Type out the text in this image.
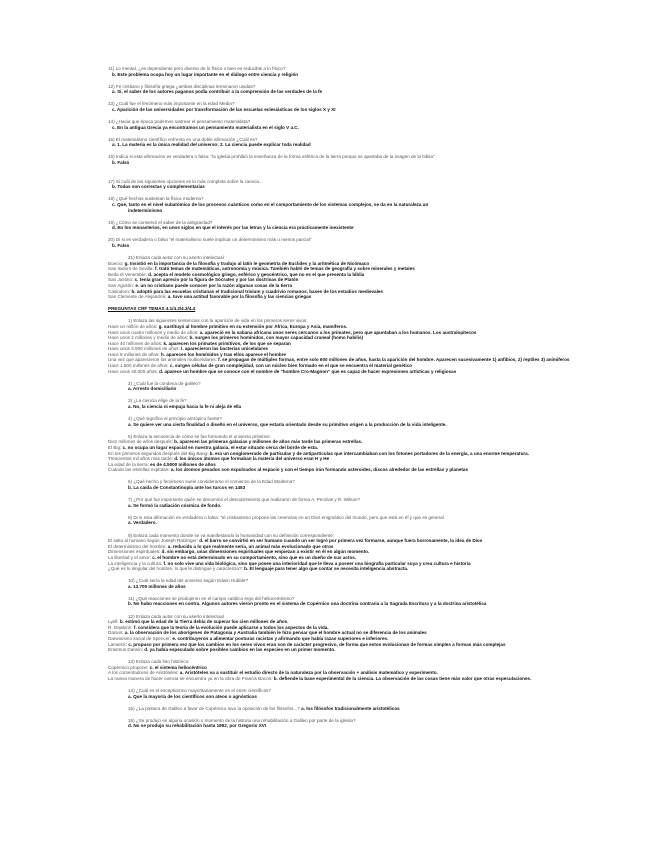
11) Lo mental, ¿es dependiente pero diverso de lo físico o bien es reducible a lo físico?
b. Este problema ocupa hoy un lugar importante en el diálogo entre ciencia y religión
12) Fe cristiano y filosofía griega ¿ambas disciplinas terminaron unidas?
a. Sí, el saber de los autores paganos podía contribuir a la comprensión de las verdades de la fe
13) ¿Cuál fue el fenómeno más importante en la edad Media?
c. Aparición de las universidades por transformación de las escuelas eclesiásticas de los siglos X y XI
14) ¿Hacia que época podemos rastrear el pensamiento materialista?
c. En la antigua Grecia ya encontramos un pensamiento materialista en el siglo V a.C.
15) El materialismo científico enfrenta en una doble afirmación ¿Cuál es?
a. 1. La materia es la única realidad del universo; 2. La ciencia puede explicar toda realidad
16) Indica si esta afirmación es verdadera o falsa: "la iglesia prohibió la enseñanza de la forma esférica de la tierra porque se apartaba de la imagen de la biblia"
b. Falso
17) Si cuál de las siguientes opciones es la más completa sobre la ciencia...
b. Todas son correctas y complementarias
18) ¿Qué hechos sustentan la física moderna?
c. Que, tanto en el nivel subatómico de los procesos cuánticos como en el comportamiento de los sistemas complejos, se da en la naturaleza un
indeterminismo
19) ¿Cómo se conservó el saber de la antigüedad?
d. En los monasterios, en unos siglos en que el interés por las letras y la ciencia era prácticamente inexistente
20) Di si es verdadera o falsa "el materialismo suele implicar un determinismo más o menos parcial"
b. Falso
21) Enlaza cada autor con su aserto intelectual
Boecio: g. Insistió en la importancia de la filosofía y tradujo al latín le geometría de Euclides y la aritmética de Nicómaco
San Isidoro de Sevilla: f. trató temas de matemáticas, astronomía y música. También habló de temas de geografía y sobre minerales y metales
Beda el Venerable: d. acepta el modelo cosmológico griego, esférico y geocéntrico, que no es el que presenta la biblia
San Justino: c. tenía gran aprecio por la figura de Sócrates y por las doctrinas de Platón
San Agustín: e. un no cristiano puede conocer por la razón algunas cosas de la tierra
Casiodoro: b. adoptó para las escuelas cristianas el tradicional trivium y cuadrivio romanos, bases de los estudios medievales
San Clemente de Alejandría: a. tuvo una actitud favorable por la filosofía y las ciencias griegas
PREGUNTAS CRF TEMAS 4.1/4.2/4.3/4.4
1) Enlaza las siguientes sentencias con la aparición de vida en los primeros seres vivos:
Hace un millón de años: g. sustituyó al hombre primitivo en su extensión por África, Europa y Asia, mamíferos.
Hace unos cuatro millones y medio de años: a. apareció en la sabana africana unos seres cercanos a los primates, pero que apuntaban a los humanos. Los australopitecos
Hace unos 2 millones y medio de años: b. surgen los primeros homínidos, con mayor capacidad craneal (homo habilis)
Hace 40 millones de años: k. aparecen los primates primitivos, de los que se separan
Hace unos 3.500 millones de años: l. aparecieron las bacterias unicelulares
Hace 8 millones de años: h. aparecen los homínidos y tras ellos aparece el hombre
Una vez que aparecieron los animales multicelulares: f. se propagan de múltiples formas, entre solo 600 millones de años, hasta la aparición del hombre. Aparecen sucesivamente 1) anfibios, 2) reptiles 3) anímiferos
Hace 1.500 millones de años: c. surgen células de gran complejidad, con un núcleo bien formado en el que se encuentra el material genético
Hace unos 40.000 años: d. aparece un hombre que se conoce con el nombre de "hombre Cro-Magnon" que es capaz de hacer expresiones artísticas y religiosas
2) ¿Cuál fue la condena de galileo?
a. Arresto domiciliario
3) ¿La ciencia elige de la fe?
a. No, la ciencia ni empuja hacia la fe ni aleja de ella
4) ¿Qué significa el principio antrópico fuerte?
a. Se quiere ver una cierta finalidad o diseño en el universo, que estaría orientado desde su primitivo origen a la producción de la vida inteligente.
5) Enlaza la secuencia de cómo se fue formando el universo primitivo:
Diez millones de años después: b. aparecen las primeras galaxias y millones de años más tarde las primeras estrellas.
El Big: c. no ocupa un lugar espacial en nuestra galaxia, el estar situado cerca del borde de esta.
En los primeros segundos después del Big Bang: b. era un conglomerado de partículas y de antipartículas que intercambiaban con los fotones portadores de la energía, a una enorme temperatura.
Trescientos mil años más tarde: d. los únicos átomos que formaban la materia del universo eran H y He
La edad de la tierra: es de 4.5000 millones de años
Cuando las estrellas explotan: a. los átomos pesados son expulsados al espacio y con el tiempo irán formando asteroides, discos alrededor de las estrellas y planetas
6) ¿Qué hecho y fenómeno suele considerarse el comienzo de la Edad Moderna?
b. La caída de Constantinopla ante los turcos en 1453
7) ¿Por qué fue importante quién se denominó el descubrimiento que realizaron de forma A. Penzias y R. Wilson?
a. Se formó la radiación cósmica de fondo.
8) Di si esta afirmación es verdadera o falsa: "el cristianismo propone las creencias en un Dios enigmático del mundo, pero que está en él y que es general
a. Verdadero.
9) Enlaza cada momento donde se va manifestando la humanidad con su definición correspondiente:
El salto al humano según Joseph Ratzinger: d. el barro se convirtió en ser humano cuando un ser logró por primera vez formarse, aunque fuera borrosamente, la idea de Dios
El determinismo del hombre: a. reducido a lo que realmente sería, un animal más evolucionado que otros
Dimensiones espirituales: d. sin embargo, unas dimensiones espirituales que empiezan a existir en él en algún momento.
La libertad y el amor: c. el hombre no está determinado en su comportamiento, sino que es un dueño de sus actos.
La inteligencia y la cultura: f. no solo vive una vida biológica, sino que posee una interioridad que le lleva a poseer una biografía particular suya y crea cultura e historia
¿Qué es lo singular del hombre, lo que le distingue y caracteriza?: b. El lenguaje para tener algo que contar se necesita inteligencia abstracta.
10) ¿Cuál sería la edad del universo según Edwin Hubble?
a. 13.700 millones de años
11) ¿Qué reacciones se produjeron en el campo católico ergo del heliocentrismo?
b. No hubo reacciones en contra. Algunos autores vieron pronto en el sistema de Copérnico una doctrina contraria a la Sagrada Escritura y a la doctrina aristotélica
12) Enlaza cada autor con su aserto intelectual
Lyell: b. estimó que la edad de la Tierra debía de superar los cien millones de años.
R. Dawkins: f. considera que la teoría de la evolución puede aplicarse a todos los aspectos de la vida.
Darwin: a. la observación de los aborígenes de Patagonia y Australia también le hizo pensar que el hombre actual no se diferencia de los animales
Darwinismo social de Spencer: e. contribuyeron a alimentar posturas racistas y afirmando que había razas superiores e inferiores.
Lamarck: c. propuso por primera vez que los cambios en los seres vivos eran son de carácter progresivo, de forma que estos evolucionan de formas simples a formas más complejas
Erasmus Darwin: d. ya había especulado sobre posibles cambios en las especies en un primer momento.
13) Enlaza cada hito histórico:
Copérnico propone: c. el sistema heliocéntrico
A los comentadores de Aristóteles: a. Aristóteles va a sustituir el estudio directo de la naturaleza por la observación + análisis matemático y experimento.
La nueva manera de hacer ciencia se encuentra ya en la obra de Francis Bacon: b. defiende la base experimental de la ciencia. La observación de las cosas tiene más valor que otras especulaciones.
14) ¿Cuál es el escepticismo mayoritariamente en el entre científicos?
a. Que la mayoría de los científicos son ateos o agnósticos
15) ¿La postura de Galileo a favor de Copérnico tuvo la oposición de los filósofos...? a. los filósofos tradicionalmente aristotélicos
16) ¿Se produjo en alguna ocasión o momento de la historia una rehabilitación a Galileo por parte de la iglesia?
d. No se produjo su rehabilitación hasta 1992, por Gregorio XVI
